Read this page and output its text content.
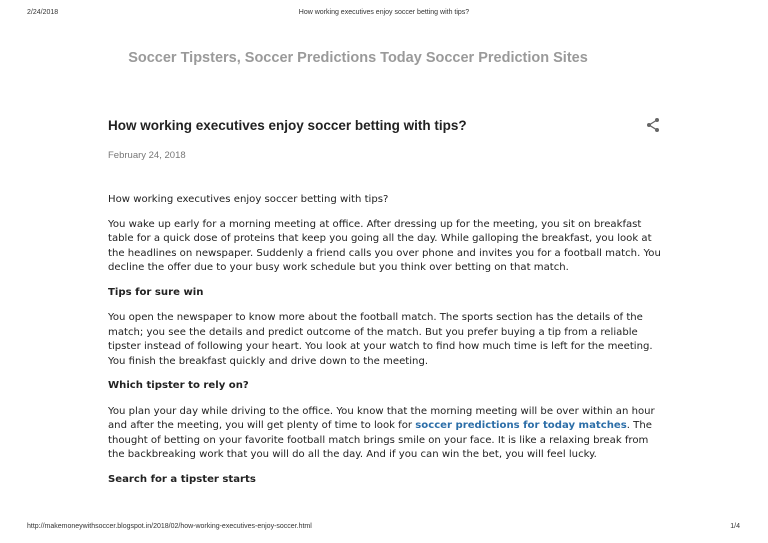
2/24/2018	How working executives enjoy soccer betting with tips?
Soccer Tipsters, Soccer Predictions Today Soccer Prediction Sites
How working executives enjoy soccer betting with tips?
February 24, 2018

How working executives enjoy soccer betting with tips?

You wake up early for a morning meeting at office. After dressing up for the meeting, you sit on breakfast table for a quick dose of proteins that keep you going all the day. While galloping the breakfast, you look at the headlines on newspaper. Suddenly a friend calls you over phone and invites you for a football match. You decline the offer due to your busy work schedule but you think over betting on that match.

Tips for sure win

You open the newspaper to know more about the football match. The sports section has the details of the match; you see the details and predict outcome of the match. But you prefer buying a tip from a reliable tipster instead of following your heart. You look at your watch to find how much time is left for the meeting. You finish the breakfast quickly and drive down to the meeting.

Which tipster to rely on?

You plan your day while driving to the office. You know that the morning meeting will be over within an hour and after the meeting, you will get plenty of time to look for soccer predictions for today matches. The thought of betting on your favorite football match brings smile on your face. It is like a relaxing break from the backbreaking work that you will do all the day. And if you can win the bet, you will feel lucky.

Search for a tipster starts
http://makemoneywithsoccer.blogspot.in/2018/02/how-working-executives-enjoy-soccer.html	1/4
